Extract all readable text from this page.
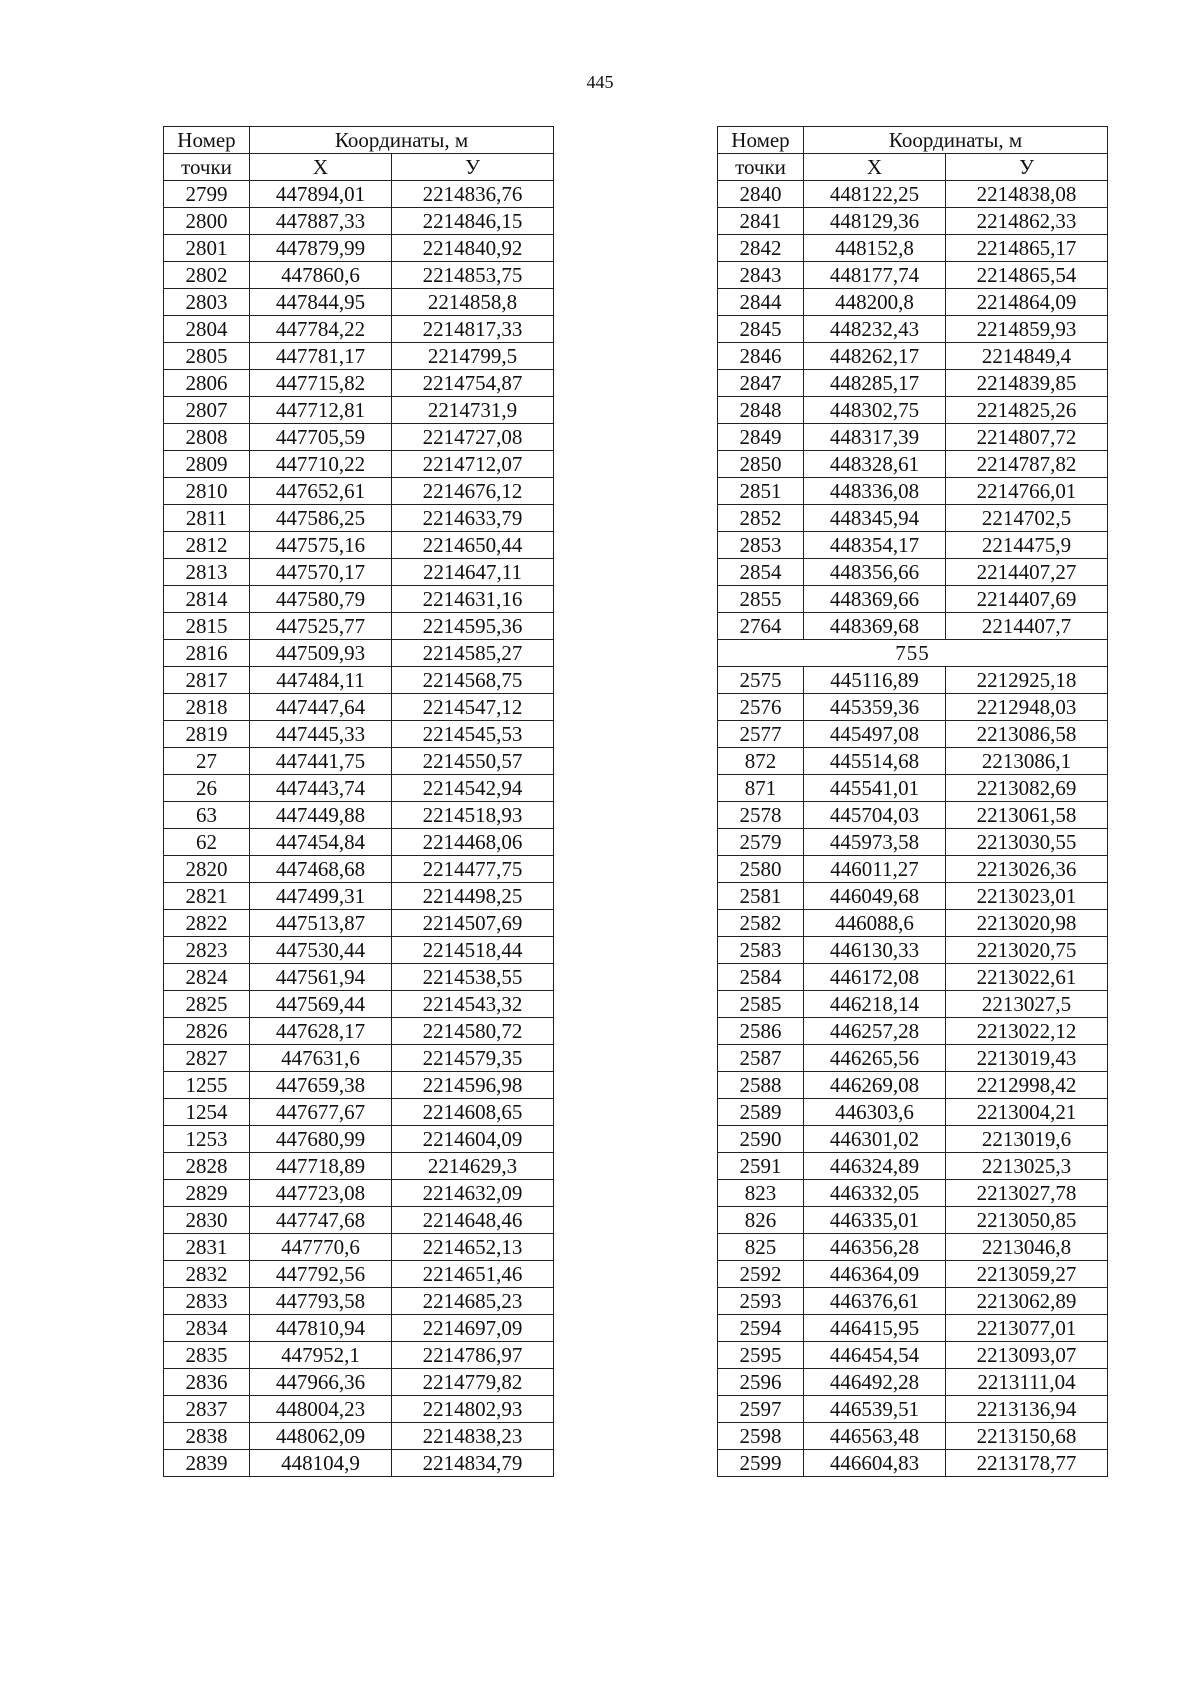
445
Номер	Координаты, м	
точки	Х	У
2799	447894,01	2214836,76
2800	447887,33	2214846,15
2801	447879,99	2214840,92
2802	447860,6	2214853,75
2803	447844,95	2214858,8
2804	447784,22	2214817,33
2805	447781,17	2214799,5
2806	447715,82	2214754,87
2807	447712,81	2214731,9
2808	447705,59	2214727,08
2809	447710,22	2214712,07
2810	447652,61	2214676,12
2811	447586,25	2214633,79
2812	447575,16	2214650,44
2813	447570,17	2214647,11
2814	447580,79	2214631,16
2815	447525,77	2214595,36
2816	447509,93	2214585,27
2817	447484,11	2214568,75
2818	447447,64	2214547,12
2819	447445,33	2214545,53
27	447441,75	2214550,57
26	447443,74	2214542,94
63	447449,88	2214518,93
62	447454,84	2214468,06
2820	447468,68	2214477,75
2821	447499,31	2214498,25
2822	447513,87	2214507,69
2823	447530,44	2214518,44
2824	447561,94	2214538,55
2825	447569,44	2214543,32
2826	447628,17	2214580,72
2827	447631,6	2214579,35
1255	447659,38	2214596,98
1254	447677,67	2214608,65
1253	447680,99	2214604,09
2828	447718,89	2214629,3
2829	447723,08	2214632,09
2830	447747,68	2214648,46
2831	447770,6	2214652,13
2832	447792,56	2214651,46
2833	447793,58	2214685,23
2834	447810,94	2214697,09
2835	447952,1	2214786,97
2836	447966,36	2214779,82
2837	448004,23	2214802,93
2838	448062,09	2214838,23
2839	448104,9	2214834,79
Номер	Координаты, м	
точки	Х	У
2840	448122,25	2214838,08
2841	448129,36	2214862,33
2842	448152,8	2214865,17
2843	448177,74	2214865,54
2844	448200,8	2214864,09
2845	448232,43	2214859,93
2846	448262,17	2214849,4
2847	448285,17	2214839,85
2848	448302,75	2214825,26
2849	448317,39	2214807,72
2850	448328,61	2214787,82
2851	448336,08	2214766,01
2852	448345,94	2214702,5
2853	448354,17	2214475,9
2854	448356,66	2214407,27
2855	448369,66	2214407,69
2764	448369,68	2214407,7
755		
2575	445116,89	2212925,18
2576	445359,36	2212948,03
2577	445497,08	2213086,58
872	445514,68	2213086,1
871	445541,01	2213082,69
2578	445704,03	2213061,58
2579	445973,58	2213030,55
2580	446011,27	2213026,36
2581	446049,68	2213023,01
2582	446088,6	2213020,98
2583	446130,33	2213020,75
2584	446172,08	2213022,61
2585	446218,14	2213027,5
2586	446257,28	2213022,12
2587	446265,56	2213019,43
2588	446269,08	2212998,42
2589	446303,6	2213004,21
2590	446301,02	2213019,6
2591	446324,89	2213025,3
823	446332,05	2213027,78
826	446335,01	2213050,85
825	446356,28	2213046,8
2592	446364,09	2213059,27
2593	446376,61	2213062,89
2594	446415,95	2213077,01
2595	446454,54	2213093,07
2596	446492,28	2213111,04
2597	446539,51	2213136,94
2598	446563,48	2213150,68
2599	446604,83	2213178,77
